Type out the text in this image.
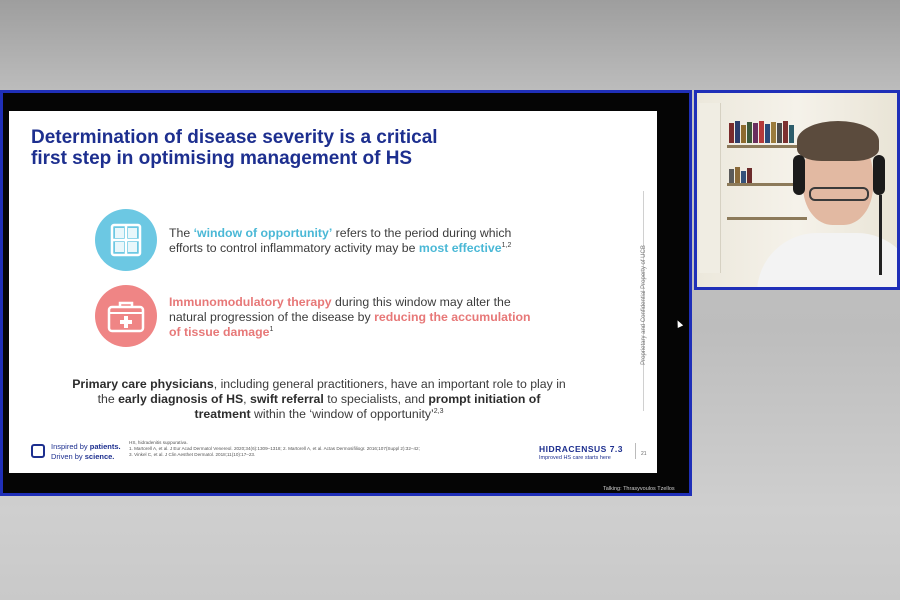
Determination of disease severity is a critical
first step in optimising management of HS
The ‘window of opportunity’ refers to the period during which efforts to control inflammatory activity may be most effective$^{1,2}$
Immunomodulatory therapy during this window may alter the natural progression of the disease by reducing the accumulation of tissue damage$^1$
Primary care physicians, including general practitioners, have an important role to play in the early diagnosis of HS, swift referral to specialists, and prompt initiation of treatment within the ‘window of opportunity’$^{2,3}$
Proprietary and Confidential Property of UCB
Inspired by patients.
Driven by science.
HS, hidradenitis suppurativa.
1. Martorell A, et al. J Eur Acad Dermatol Venereol. 2020;34(6):1309–1318; 2. Martorell A, et al. Actas Dermosifiliogr. 2016;107(Suppl 2):32–42;
3. Vinkel C, et al. J Clin Aesthet Dermatol. 2018;11(10):17–23.
HIDRACENSUS 7.3
Improved HS care starts here
21
Talking: Thrasyvoulos Tzellos
